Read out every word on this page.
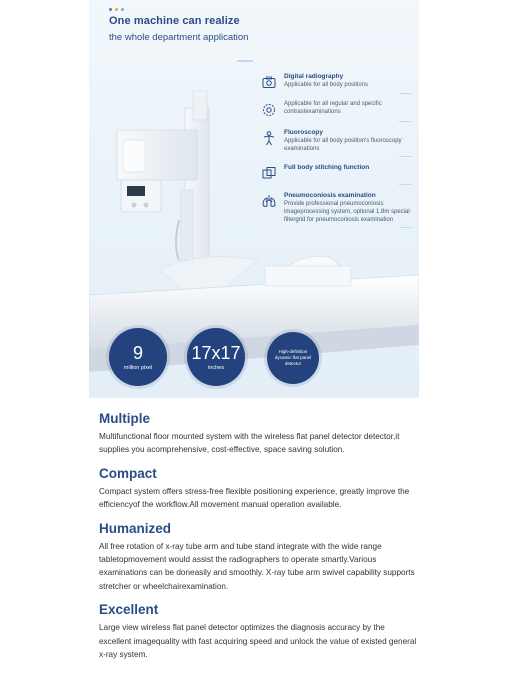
One machine can realize
the whole department application
Digital radiography
Applicable for all body positions
Applicable for all regular and specific contrastexaminations
Fluoroscopy
Applicable for all body position's fluoroscopy examinations
Full body stitching function
Pneumoconiosis examination
Provide professional pneumoconiosis imageprocessing system, optional 1.8m special filtergrid for pneumoconiosis examination
9
million pixel
17x17
inches
High-definition dynamic flat panel detector
Multiple
Multifunctional floor mounted system with the wireless flat panel detector detector,it supplies you acomprehensive, cost-effective, space saving solution.
Compact
Compact system offers stress-free flexible positioning experience, greatly improve the efficiencyof the workflow.All movement manual operation available.
Humanized
All free rotation of x-ray tube arm and tube stand integrate with the wide range tabletopmovement would assist the radiographers to operate smartly.Various examinations can be doneasily and smoothly. X-ray tube arm swivel capability supports stretcher or wheelchairexamination.
Excellent
Large view wireless flat panel detector optimizes the diagnosis accuracy by the excellent imagequality with fast acquiring speed and unlock the value of existed general x-ray system.
